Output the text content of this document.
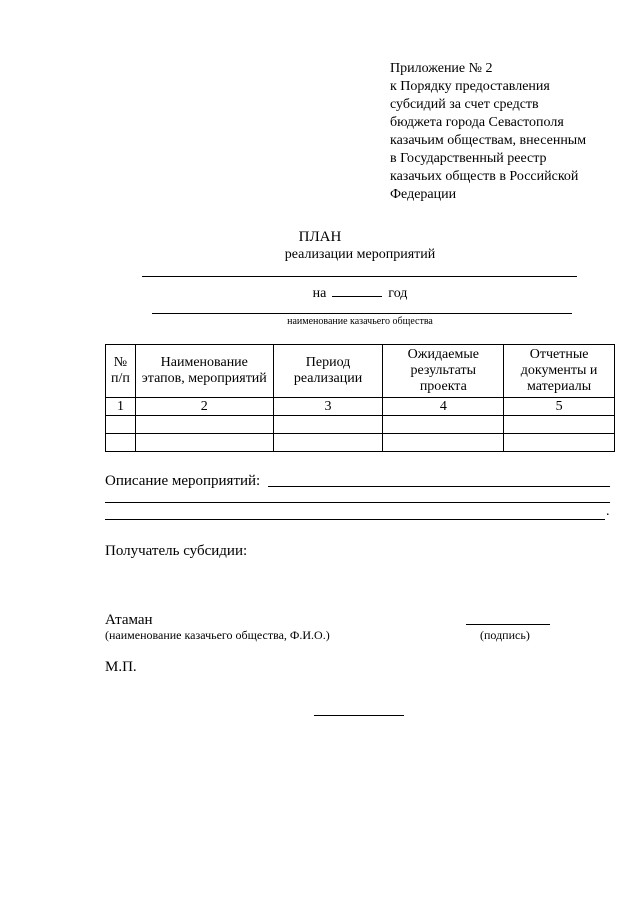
Приложение № 2
к Порядку предоставления
субсидий за счет средств
бюджета города Севастополя
казачьим обществам, внесенным
в Государственный реестр
казачьих обществ в Российской
Федерации
ПЛАН
реализации мероприятий
на	год
наименование казачьего общества
№ п/п	Наименование этапов, мероприятий	Период реализации	Ожидаемые результаты проекта	Отчетные документы и материалы
1	2	3	4	5

Описание мероприятий:
.
Получатель субсидии:
Атаман
(наименование казачьего общества, Ф.И.О.)	(подпись)
М.П.
